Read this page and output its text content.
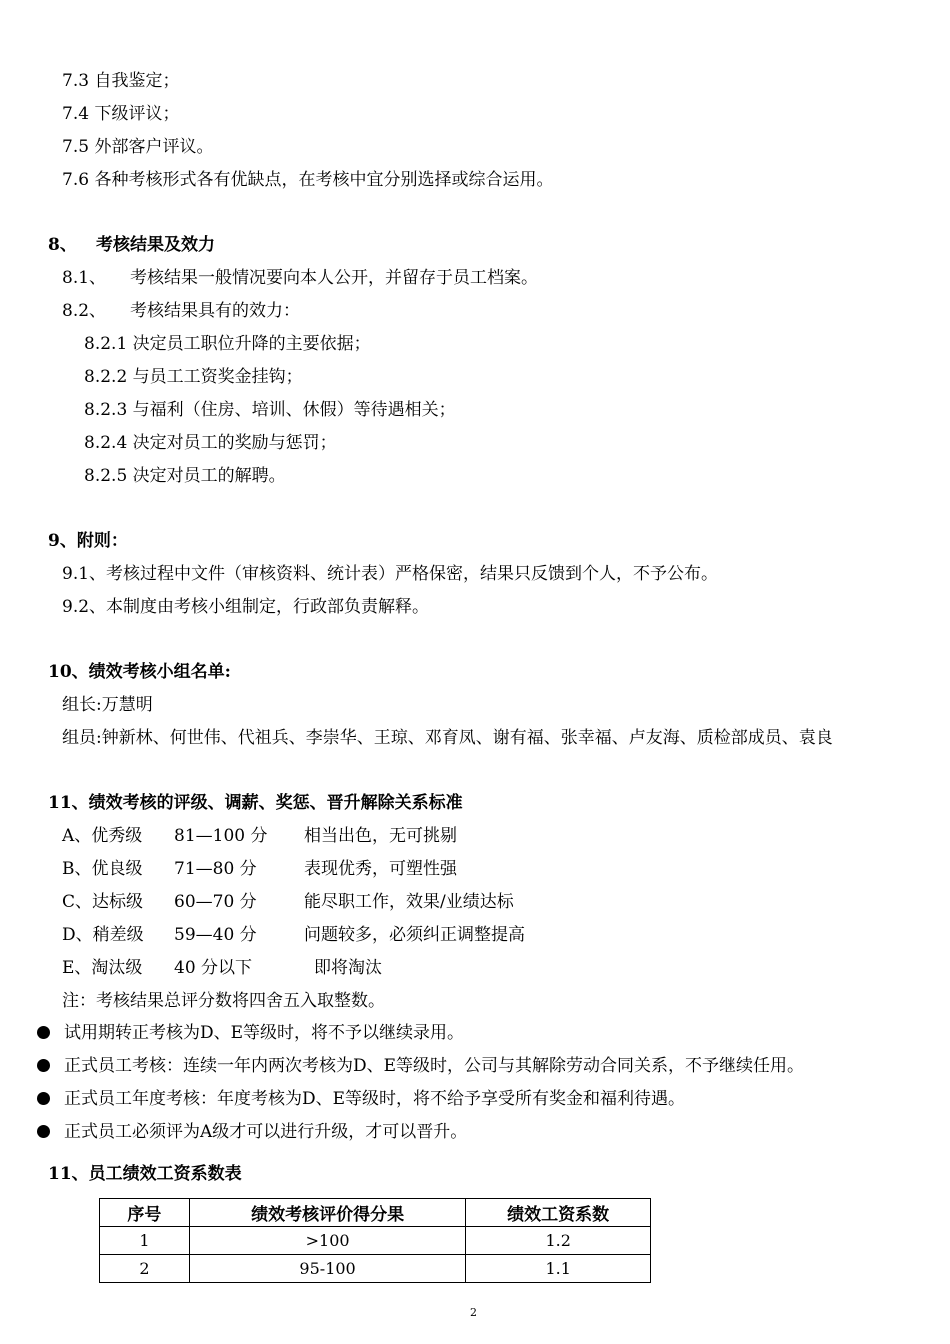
7.3 自我鉴定；
7.4 下级评议；
7.5 外部客户评议。
7.6 各种考核形式各有优缺点，在考核中宜分别选择或综合运用。
8、 考核结果及效力
8.1、 考核结果一般情况要向本人公开，并留存于员工档案。
8.2、 考核结果具有的效力：
8.2.1 决定员工职位升降的主要依据；
8.2.2 与员工工资奖金挂钩；
8.2.3 与福利（住房、培训、休假）等待遇相关；
8.2.4 决定对员工的奖励与惩罚；
8.2.5 决定对员工的解聘。
9、附则：
9.1、考核过程中文件（审核资料、统计表）严格保密，结果只反馈到个人，不予公布。
9.2、本制度由考核小组制定，行政部负责解释。
10、绩效考核小组名单:
组长:万慧明
组员:钟新林、何世伟、代祖兵、李崇华、王琼、邓育凤、谢有福、张幸福、卢友海、质检部成员、袁良
11、绩效考核的评级、调薪、奖惩、晋升解除关系标准
A、优秀级 81—100 分 相当出色，无可挑剔
B、优良级 71—80 分	表现优秀，可塑性强
C、达标级 60—70 分	能尽职工作，效果/业绩达标
D、稍差级 59—40 分	问题较多，必须纠正调整提高
E、淘汰级 40 分以下	即将淘汰
注：考核结果总评分数将四舍五入取整数。
试用期转正考核为D、E等级时，将不予以继续录用。
正式员工考核：连续一年内两次考核为D、E等级时，公司与其解除劳动合同关系，不予继续任用。
正式员工年度考核：年度考核为D、E等级时，将不给予享受所有奖金和福利待遇。
正式员工必须评为A级才可以进行升级，才可以晋升。
11、员工绩效工资系数表
序号	绩效考核评价得分果	绩效工资系数
1	>100	1.2
2	95-100	1.1
2
